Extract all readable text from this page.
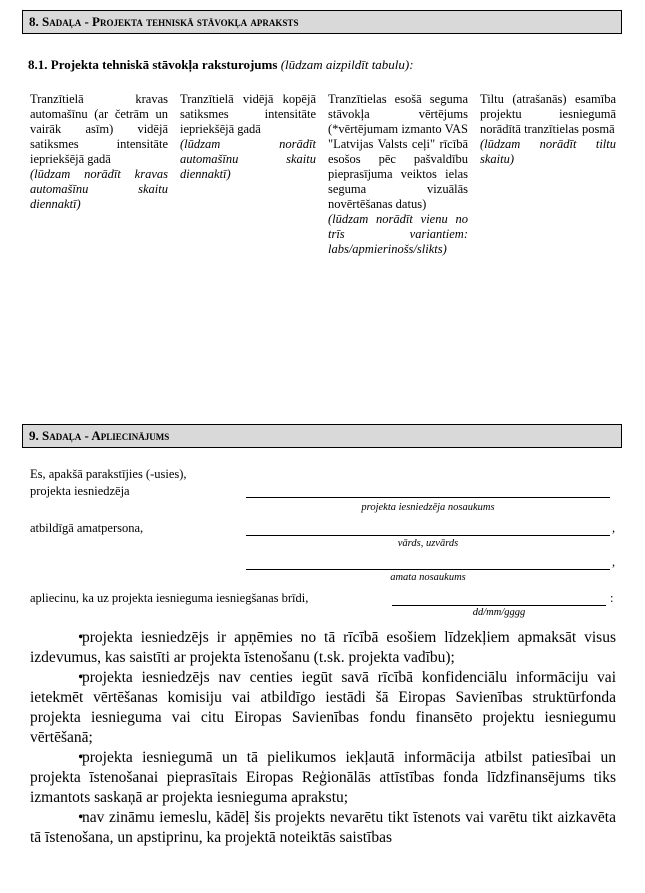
8. Sadaļa - Projekta tehniskā stāvokļa apraksts
8.1. Projekta tehniskā stāvokļa raksturojums (lūdzam aizpildīt tabulu):
Tranzītielā kravas automašīnu (ar četrām un vairāk asīm) vidējā satiksmes intensitāte iepriekšējā gadā
(lūdzam norādīt kravas automašīnu skaitu diennaktī)
Tranzītielā vidējā kopējā satiksmes intensitāte iepriekšējā gadā
(lūdzam norādīt automašīnu skaitu diennaktī)
Tranzītielas esošā seguma stāvokļa vērtējums (*vērtējumam izmanto VAS "Latvijas Valsts ceļi" rīcībā esošos pēc pašvaldību pieprasījuma veiktos ielas seguma vizuālās novērtēšanas datus)
(lūdzam norādīt vienu no trīs variantiem: labs/apmierinošs/slikts)
Tiltu (atrašanās) esamība projektu iesniegumā norādītā tranzītielas posmā
(lūdzam norādīt tiltu skaitu)
9. Sadaļa - Apliecinājums
Es, apakšā parakstījies (-usies),
projekta iesniedzēja
projekta iesniedzēja nosaukums
atbildīgā amatpersona,	,
vārds, uzvārds
,
amata nosaukums
apliecinu, ka uz projekta iesnieguma iesniegšanas brīdi,	:
dd/mm/gggg
•
projekta iesniedzējs ir apņēmies no tā rīcībā esošiem līdzekļiem apmaksāt visus izdevumus, kas saistīti ar projekta īstenošanu (t.sk. projekta vadību);
•
projekta iesniedzējs nav centies iegūt savā rīcībā konfidenciālu informāciju vai ietekmēt vērtēšanas komisiju vai atbildīgo iestādi šā Eiropas Savienības struktūrfonda projekta iesnieguma vai citu Eiropas Savienības fondu finansēto projektu iesniegumu vērtēšanā;
•
projekta iesniegumā un tā pielikumos iekļautā informācija atbilst patiesībai un projekta īstenošanai pieprasītais Eiropas Reģionālās attīstības fonda līdzfinansējums tiks izmantots saskaņā ar projekta iesnieguma aprakstu;
•
nav zināmu iemeslu, kādēļ šis projekts nevarētu tikt īstenots vai varētu tikt aizkavēta tā īstenošana, un apstiprinu, ka projektā noteiktās saistības
